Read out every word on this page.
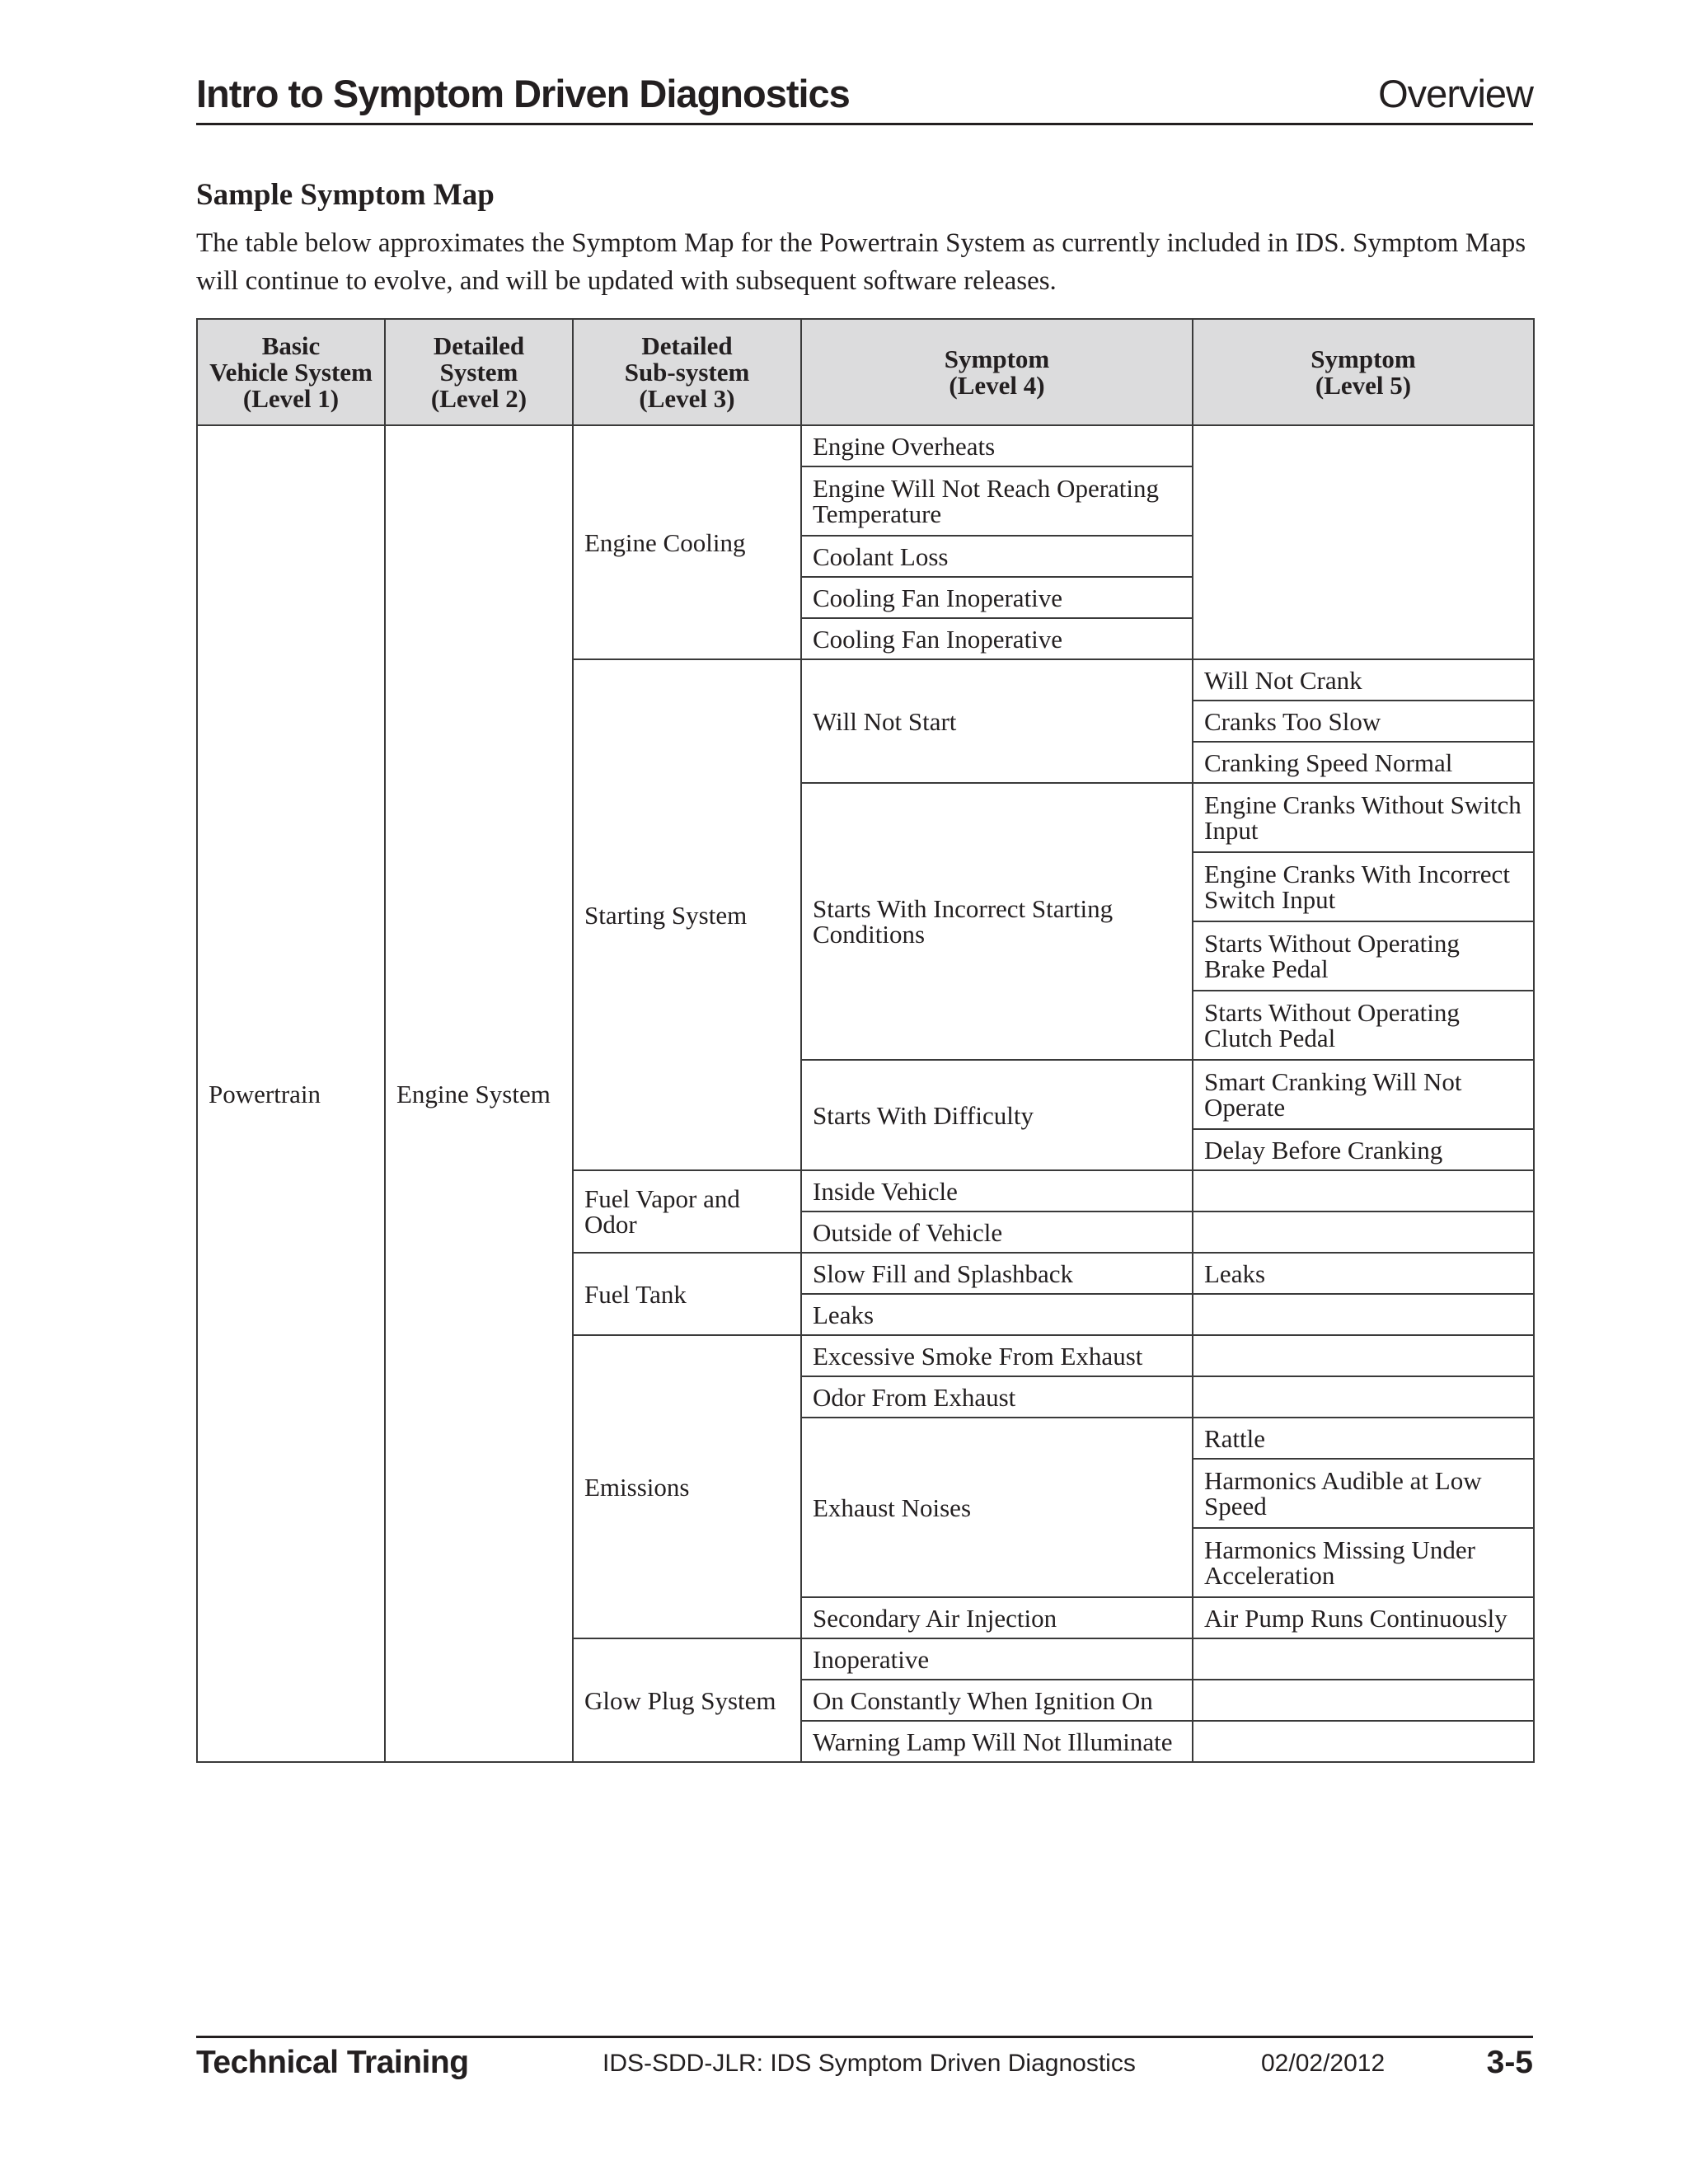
Intro to Symptom Driven Diagnostics	Overview
Sample Symptom Map
The table below approximates the Symptom Map for the Powertrain System as currently included in IDS. Symptom Maps will continue to evolve, and will be updated with subsequent software releases.
Basic
Vehicle System
(Level 1)	Detailed
System
(Level 2)	Detailed
Sub-system
(Level 3)	Symptom
(Level 4)	Symptom
(Level 5)

Powertrain	Engine System	Engine Cooling	Engine Overheats	
			Engine Will Not Reach Operating Temperature	
			Coolant Loss	
			Cooling Fan Inoperative	
			Cooling Fan Inoperative	
		Starting System	Will Not Start	Will Not Crank
				Cranks Too Slow
				Cranking Speed Normal
			Starts With Incorrect Starting Conditions	Engine Cranks Without Switch Input
				Engine Cranks With Incorrect Switch Input
				Starts Without Operating Brake Pedal
				Starts Without Operating Clutch Pedal
			Starts With Difficulty	Smart Cranking Will Not Operate
				Delay Before Cranking
		Fuel Vapor and Odor	Inside Vehicle	
			Outside of Vehicle	
		Fuel Tank	Slow Fill and Splashback	Leaks
			Leaks	
		Emissions	Excessive Smoke From Exhaust	
			Odor From Exhaust	
			Exhaust Noises	Rattle
				Harmonics Audible at Low Speed
				Harmonics Missing Under Acceleration
			Secondary Air Injection	Air Pump Runs Continuously
		Glow Plug System	Inoperative	
			On Constantly When Ignition On	
			Warning Lamp Will Not Illuminate	
Technical Training	IDS-SDD-JLR: IDS Symptom Driven Diagnostics	02/02/2012	3-5
